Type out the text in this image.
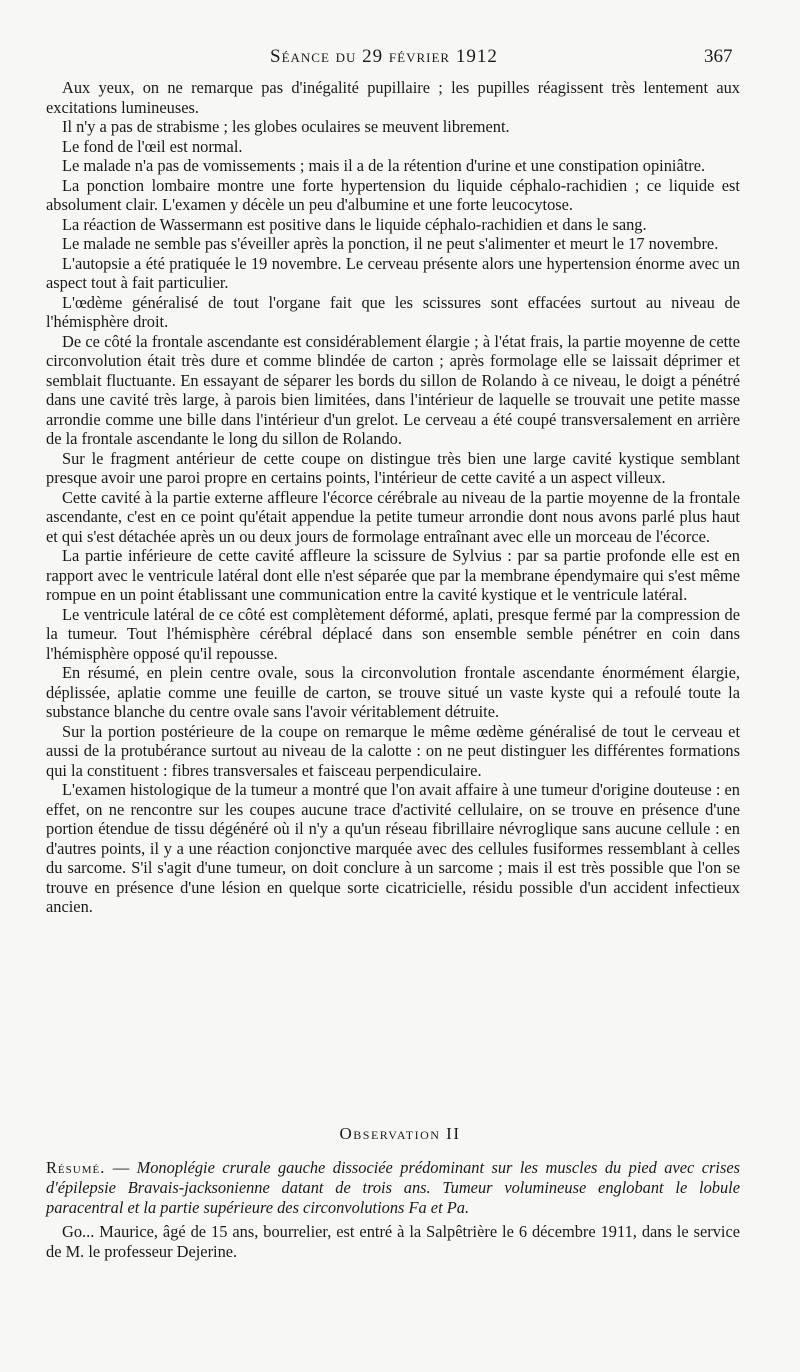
Séance du 29 février 1912	367

Aux yeux, on ne remarque pas d'inégalité pupillaire ; les pupilles réagissent très lentement aux excitations lumineuses.

Il n'y a pas de strabisme ; les globes oculaires se meuvent librement.

Le fond de l'œil est normal.

Le malade n'a pas de vomissements ; mais il a de la rétention d'urine et une constipation opiniâtre.

La ponction lombaire montre une forte hypertension du liquide céphalo-rachidien ; ce liquide est absolument clair. L'examen y décèle un peu d'albumine et une forte leucocytose.

La réaction de Wassermann est positive dans le liquide céphalo-rachidien et dans le sang.

Le malade ne semble pas s'éveiller après la ponction, il ne peut s'alimenter et meurt le 17 novembre.

L'autopsie a été pratiquée le 19 novembre. Le cerveau présente alors une hypertension énorme avec un aspect tout à fait particulier.

L'œdème généralisé de tout l'organe fait que les scissures sont effacées surtout au niveau de l'hémisphère droit.

De ce côté la frontale ascendante est considérablement élargie ; à l'état frais, la partie moyenne de cette circonvolution était très dure et comme blindée de carton ; après formolage elle se laissait déprimer et semblait fluctuante. En essayant de séparer les bords du sillon de Rolando à ce niveau, le doigt a pénétré dans une cavité très large, à parois bien limitées, dans l'intérieur de laquelle se trouvait une petite masse arrondie comme une bille dans l'intérieur d'un grelot. Le cerveau a été coupé transversalement en arrière de la frontale ascendante le long du sillon de Rolando.

Sur le fragment antérieur de cette coupe on distingue très bien une large cavité kystique semblant presque avoir une paroi propre en certains points, l'intérieur de cette cavité a un aspect villeux.

Cette cavité à la partie externe affleure l'écorce cérébrale au niveau de la partie moyenne de la frontale ascendante, c'est en ce point qu'était appendue la petite tumeur arrondie dont nous avons parlé plus haut et qui s'est détachée après un ou deux jours de formolage entraînant avec elle un morceau de l'écorce.

La partie inférieure de cette cavité affleure la scissure de Sylvius : par sa partie profonde elle est en rapport avec le ventricule latéral dont elle n'est séparée que par la membrane épendymaire qui s'est même rompue en un point établissant une communication entre la cavité kystique et le ventricule latéral.

Le ventricule latéral de ce côté est complètement déformé, aplati, presque fermé par la compression de la tumeur. Tout l'hémisphère cérébral déplacé dans son ensemble semble pénétrer en coin dans l'hémisphère opposé qu'il repousse.

En résumé, en plein centre ovale, sous la circonvolution frontale ascendante énormément élargie, déplissée, aplatie comme une feuille de carton, se trouve situé un vaste kyste qui a refoulé toute la substance blanche du centre ovale sans l'avoir véritablement détruite.

Sur la portion postérieure de la coupe on remarque le même œdème généralisé de tout le cerveau et aussi de la protubérance surtout au niveau de la calotte : on ne peut distinguer les différentes formations qui la constituent : fibres transversales et faisceau perpendiculaire.

L'examen histologique de la tumeur a montré que l'on avait affaire à une tumeur d'origine douteuse : en effet, on ne rencontre sur les coupes aucune trace d'activité cellulaire, on se trouve en présence d'une portion étendue de tissu dégénéré où il n'y a qu'un réseau fibrillaire névroglique sans aucune cellule : en d'autres points, il y a une réaction conjonctive marquée avec des cellules fusiformes ressemblant à celles du sarcome. S'il s'agit d'une tumeur, on doit conclure à un sarcome ; mais il est très possible que l'on se trouve en présence d'une lésion en quelque sorte cicatricielle, résidu possible d'un accident infectieux ancien.

Observation II

Résumé. — Monoplégie crurale gauche dissociée prédominant sur les muscles du pied avec crises d'épilepsie Bravais-jacksonienne datant de trois ans. Tumeur volumineuse englobant le lobule paracentral et la partie supérieure des circonvolutions Fa et Pa.

Go... Maurice, âgé de 15 ans, bourrelier, est entré à la Salpêtrière le 6 décembre 1911, dans le service de M. le professeur Dejerine.
